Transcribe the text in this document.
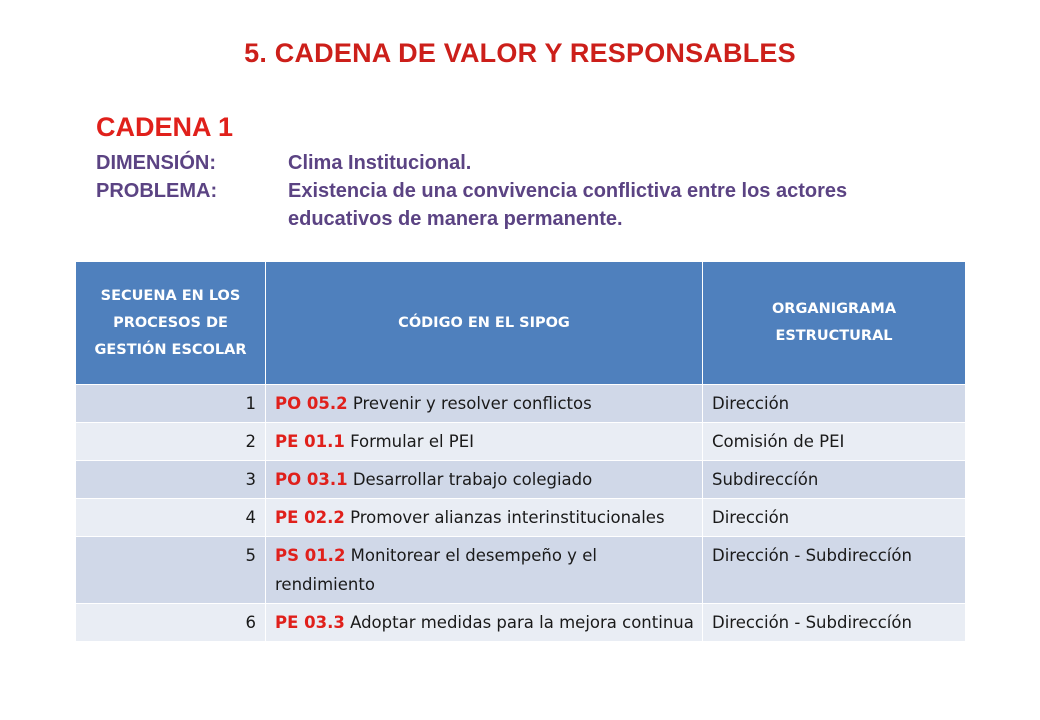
5. CADENA DE VALOR Y RESPONSABLES
CADENA 1
DIMENSIÓN:	Clima Institucional.
PROBLEMA:	Existencia de una convivencia conflictiva entre los actores educativos de manera permanente.
SECUENA EN LOS PROCESOS DE GESTIÓN ESCOLAR	CÓDIGO EN EL SIPOG	ORGANIGRAMA ESTRUCTURAL
1	PO 05.2 Prevenir y resolver conflictos	Dirección
2	PE 01.1 Formular el PEI	Comisión de PEI
3	PO 03.1 Desarrollar trabajo colegiado	Subdireccíón
4	PE 02.2 Promover alianzas interinstitucionales	Dirección
5	PS 01.2 Monitorear el desempeño y el rendimiento	Dirección - Subdireccíón
6	PE 03.3 Adoptar medidas para la mejora continua	Dirección - Subdireccíón
